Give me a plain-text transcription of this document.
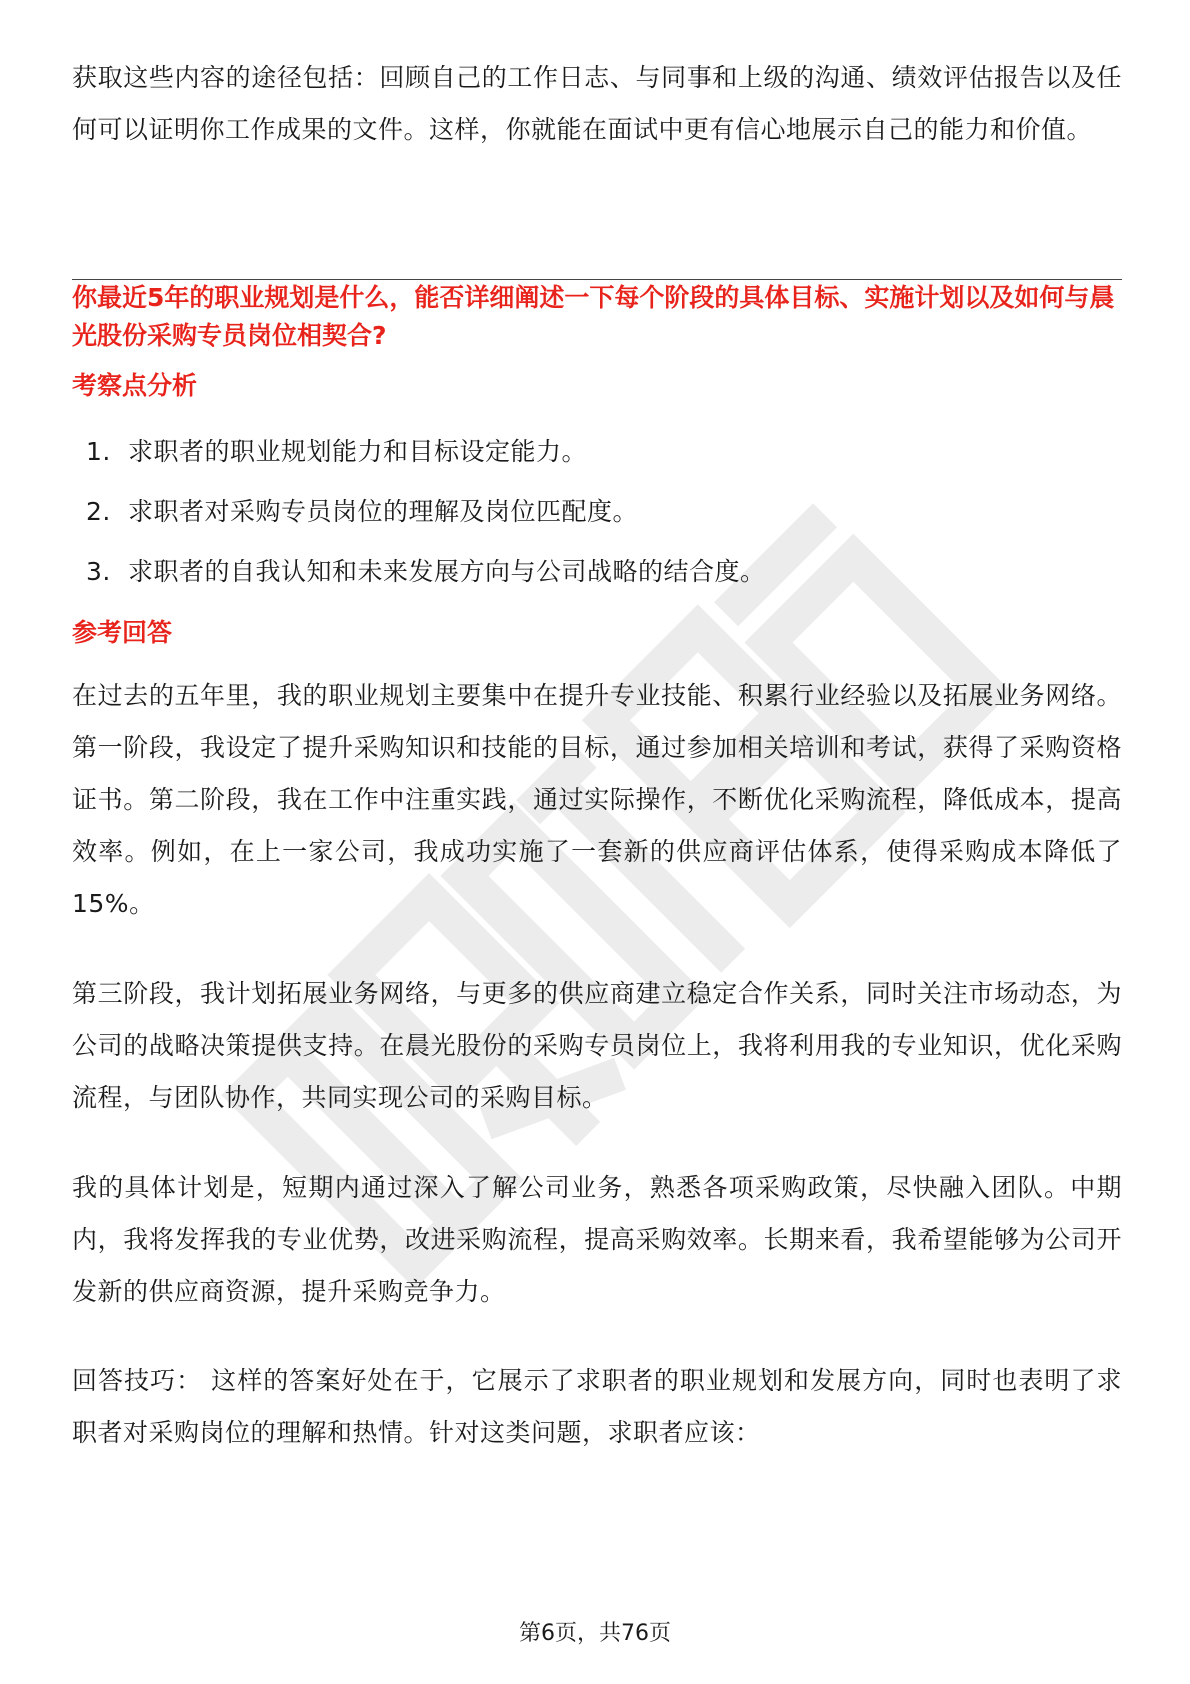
获取这些内容的途径包括：回顾自己的工作日志、与同事和上级的沟通、绩效评估报告以及任何可以证明你工作成果的文件。这样，你就能在面试中更有信心地展示自己的能力和价值。

你最近5年的职业规划是什么，能否详细阐述一下每个阶段的具体目标、实施计划以及如何与晨光股份采购专员岗位相契合?

考察点分析

1. 求职者的职业规划能力和目标设定能力。
2. 求职者对采购专员岗位的理解及岗位匹配度。
3. 求职者的自我认知和未来发展方向与公司战略的结合度。

参考回答

在过去的五年里，我的职业规划主要集中在提升专业技能、积累行业经验以及拓展业务网络。第一阶段，我设定了提升采购知识和技能的目标，通过参加相关培训和考试，获得了采购资格证书。第二阶段，我在工作中注重实践，通过实际操作，不断优化采购流程，降低成本，提高效率。例如，在上一家公司，我成功实施了一套新的供应商评估体系，使得采购成本降低了15%。

第三阶段，我计划拓展业务网络，与更多的供应商建立稳定合作关系，同时关注市场动态，为公司的战略决策提供支持。在晨光股份的采购专员岗位上，我将利用我的专业知识，优化采购流程，与团队协作，共同实现公司的采购目标。

我的具体计划是，短期内通过深入了解公司业务，熟悉各项采购政策，尽快融入团队。中期内，我将发挥我的专业优势，改进采购流程，提高采购效率。长期来看，我希望能够为公司开发新的供应商资源，提升采购竞争力。

回答技巧： 这样的答案好处在于，它展示了求职者的职业规划和发展方向，同时也表明了求职者对采购岗位的理解和热情。针对这类问题，求职者应该：

第6页，共76页
